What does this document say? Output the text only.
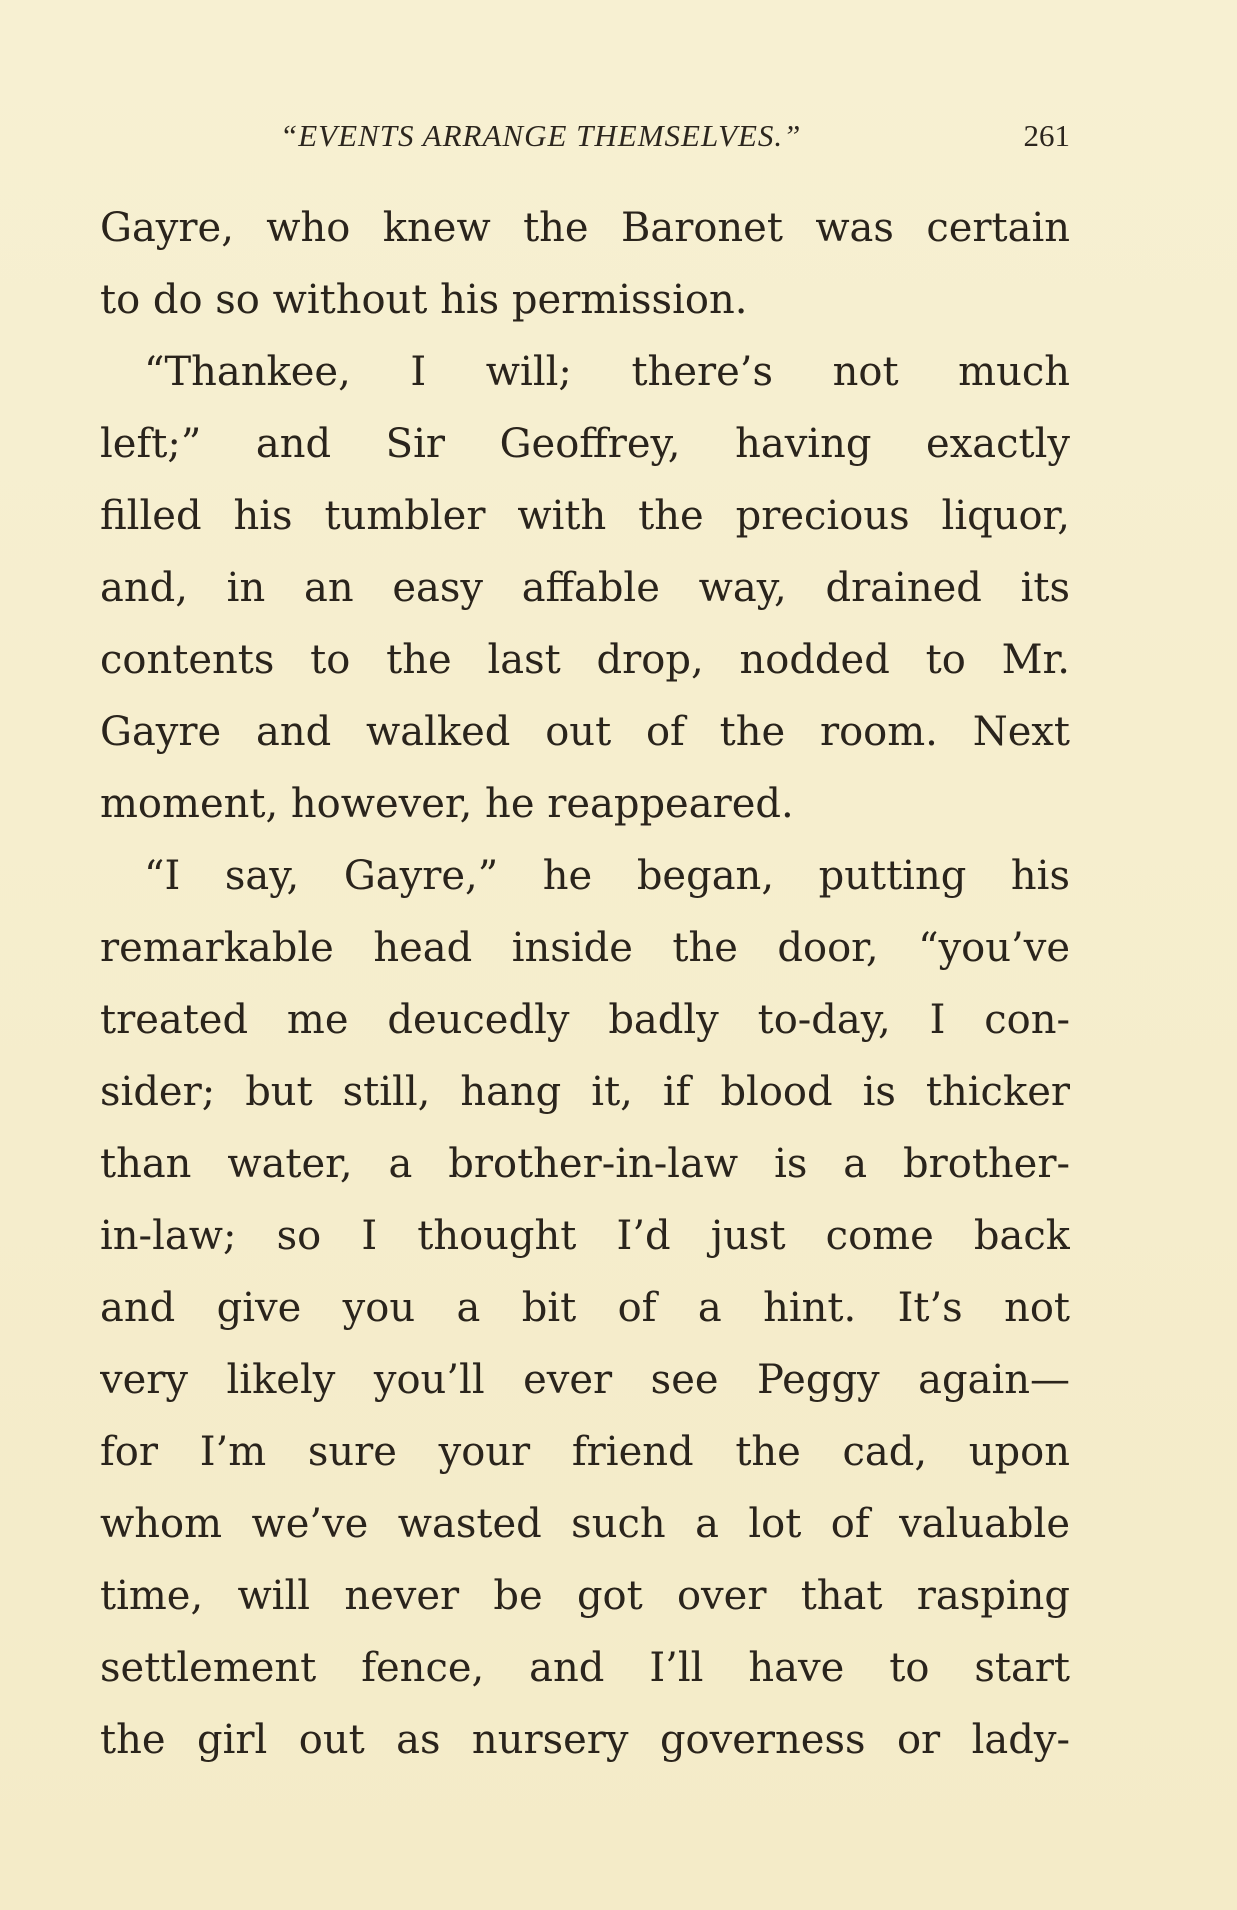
“EVENTS ARRANGE THEMSELVES.”	261
Gayre, who knew the Baronet was certain
to do so without his permission.
“Thankee, I will; there’s not much
left;” and Sir Geoffrey, having exactly
filled his tumbler with the precious liquor,
and, in an easy affable way, drained its
contents to the last drop, nodded to Mr.
Gayre and walked out of the room. Next
moment, however, he reappeared.
“I say, Gayre,” he began, putting his
remarkable head inside the door, “you’ve
treated me deucedly badly to-day, I con-
sider; but still, hang it, if blood is thicker
than water, a brother-in-law is a brother-
in-law; so I thought I’d just come back
and give you a bit of a hint. It’s not
very likely you’ll ever see Peggy again—
for I’m sure your friend the cad, upon
whom we’ve wasted such a lot of valuable
time, will never be got over that rasping
settlement fence, and I’ll have to start
the girl out as nursery governess or lady-
